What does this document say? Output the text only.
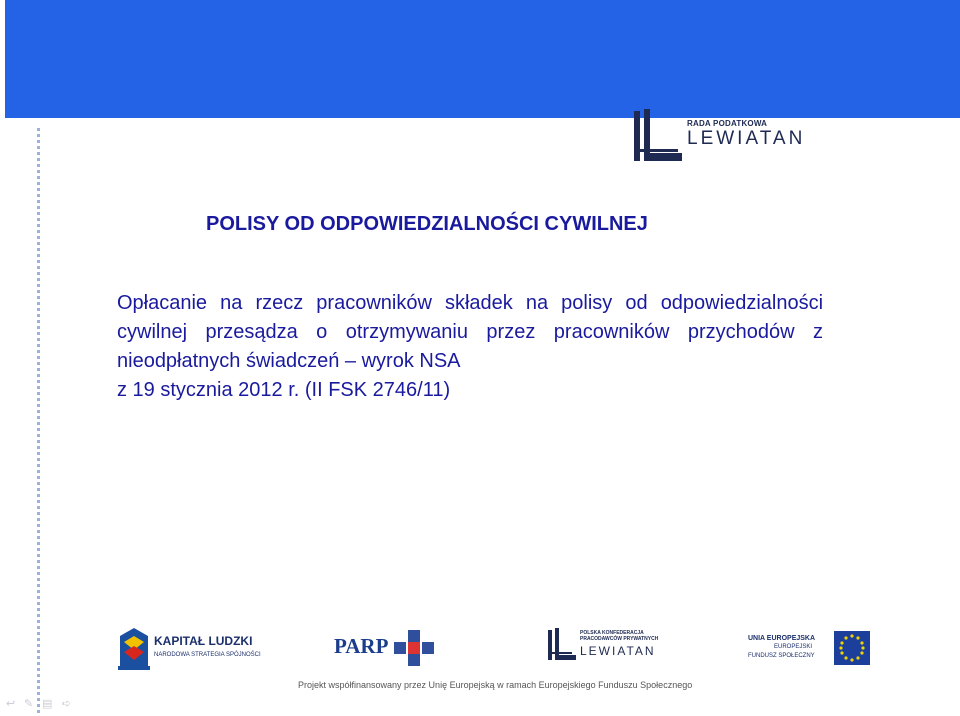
RADA PODATKOWA
LEWIATAN
POLISY OD ODPOWIEDZIALNOŚCI CYWILNEJ

Opłacanie na rzecz pracowników składek na polisy od odpowiedzialności cywilnej przesądza o otrzymywaniu przez pracowników przychodów z nieodpłatnych świadczeń – wyrok NSA
z 19 stycznia 2012 r. (II FSK 2746/11)

KAPITAŁ LUDZKI
NARODOWA STRATEGIA SPÓJNOŚCI	PARP
POLSKA KONFEDERACJA
PRACODAWCÓW PRYWATNYCH
LEWIATAN
UNIA EUROPEJSKA
EUROPEJSKI
FUNDUSZ SPOŁECZNY

Projekt współfinansowany przez Unię Europejską w ramach Europejskiego Funduszu Społecznego

↩ ✎ ▤ ➪
